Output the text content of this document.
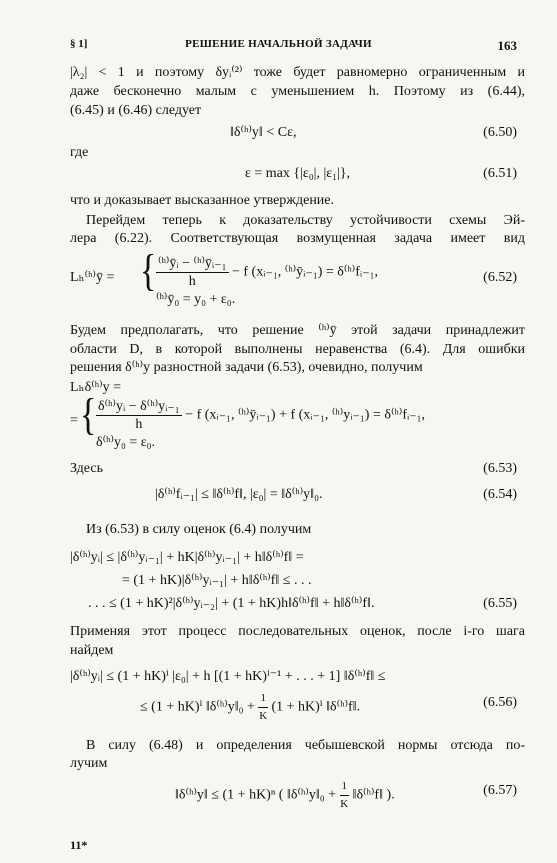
§ 1]	РЕШЕНИЕ НАЧАЛЬНОЙ ЗАДАЧИ	163
|λ₂| < 1 и поэтому δyᵢ⁽²⁾ тоже будет равномерно ограниченным и
даже бесконечно малым с уменьшением h. Поэтому из (6.44),
(6.45) и (6.46) следует
‖δ⁽ʰ⁾y‖ < Cε,	(6.50)
где
ε = max {|ε₀|, |ε₁|},	(6.51)
что и доказывает высказанное утверждение.
Перейдем теперь к доказательству устойчивости схемы Эй-
лера (6.22). Соответствующая возмущенная задача имеет вид
Lₕ⁽ʰ⁾ȳ = { $\frac{\text{⁽ʰ⁾ȳᵢ − ⁽ʰ⁾ȳᵢ₋₁}}{h} - f$ (xᵢ₋₁, ⁽ʰ⁾ȳᵢ₋₁) = δ⁽ʰ⁾fᵢ₋₁,
⁽ʰ⁾ȳ₀ = y₀ + ε₀.
(6.52)
Будем предполагать, что решение ⁽ʰ⁾ȳ этой задачи принадлежит
области D, в которой выполнены неравенства (6.4). Для ошибки
решения δ⁽ʰ⁾y разностной задачи (6.53), очевидно, получим
Lₕδ⁽ʰ⁾y =
= { $\frac{\text{δ⁽ʰ⁾yᵢ − δ⁽ʰ⁾yᵢ₋₁}}{h} - f$ (xᵢ₋₁, ⁽ʰ⁾ȳᵢ₋₁) + f (xᵢ₋₁, ⁽ʰ⁾yᵢ₋₁) = δ⁽ʰ⁾fᵢ₋₁,
δ⁽ʰ⁾y₀ = ε₀.
Здесь	(6.53)
|δ⁽ʰ⁾fᵢ₋₁| ≤ ‖δ⁽ʰ⁾f‖, |ε₀| = ‖δ⁽ʰ⁾y‖₀.	(6.54)
Из (6.53) в силу оценок (6.4) получим
|δ⁽ʰ⁾yᵢ| ≤ |δ⁽ʰ⁾yᵢ₋₁| + hK|δ⁽ʰ⁾yᵢ₋₁| + h‖δ⁽ʰ⁾f‖ =
= (1 + hK)|δ⁽ʰ⁾yᵢ₋₁| + h‖δ⁽ʰ⁾f‖ ≤ . . .
. . . ≤ (1 + hK)²|δ⁽ʰ⁾yᵢ₋₂| + (1 + hK)h‖δ⁽ʰ⁾f‖ + h‖δ⁽ʰ⁾f‖.	(6.55)
Применяя этот процесс последовательных оценок, после i-го шага
найдем
|δ⁽ʰ⁾yᵢ| ≤ (1 + hK)ⁱ |ε₀| + h [(1 + hK)ⁱ⁻¹ + . . . + 1] ‖δ⁽ʰ⁾f‖ ≤
≤ (1 + hK)ⁱ ‖δ⁽ʰ⁾y‖₀ + $\frac{1}{K} (1 + hK)^i$ ‖δ⁽ʰ⁾f‖.	(6.56)
В силу (6.48) и определения чебышевской нормы отсюда по-
лучим
‖δ⁽ʰ⁾y‖ ≤ (1 + hK)ⁿ ( ‖δ⁽ʰ⁾y‖₀ + $\frac{1}{K}$ ‖δ⁽ʰ⁾f‖ ).	(6.57)
11*
